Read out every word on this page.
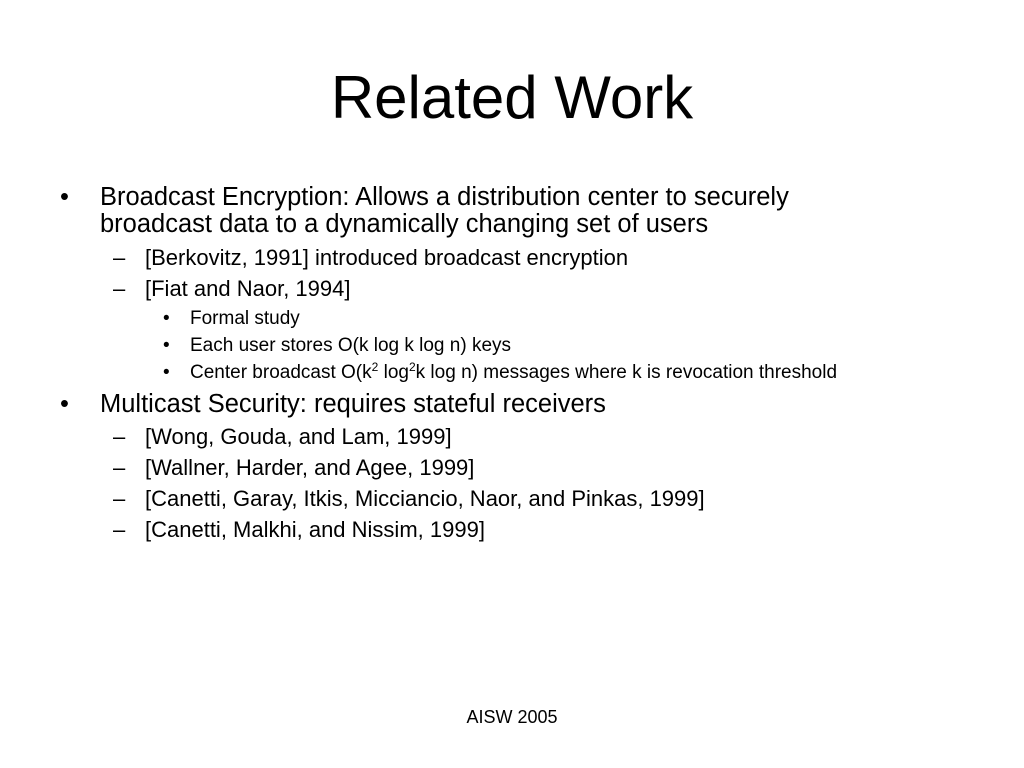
Related Work
• Broadcast Encryption: Allows a distribution center to securely broadcast data to a dynamically changing set of users
– [Berkovitz, 1991] introduced broadcast encryption
– [Fiat and Naor, 1994]
• Formal study
• Each user stores O(k log k log n) keys
• Center broadcast $O(k^2$ $\log^2k$ log n) messages where k is revocation threshold
• Multicast Security: requires stateful receivers
– [Wong, Gouda, and Lam, 1999]
– [Wallner, Harder, and Agee, 1999]
– [Canetti, Garay, Itkis, Micciancio, Naor, and Pinkas, 1999]
– [Canetti, Malkhi, and Nissim, 1999]
AISW 2005
